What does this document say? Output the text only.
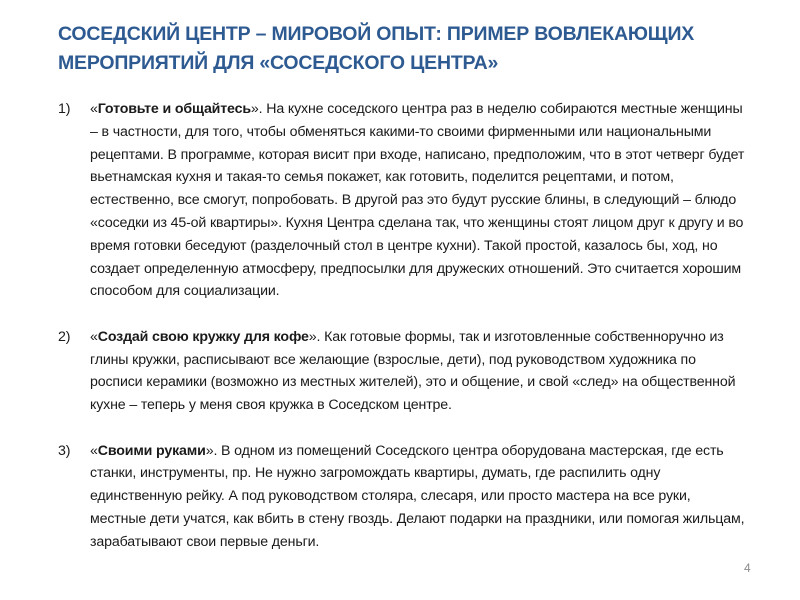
СОСЕДСКИЙ ЦЕНТР – МИРОВОЙ ОПЫТ: ПРИМЕР ВОВЛЕКАЮЩИХ
МЕРОПРИЯТИЙ ДЛЯ «СОСЕДСКОГО ЦЕНТРА»
1) «Готовьте и общайтесь». На кухне соседского центра раз в неделю собираются местные женщины – в частности, для того, чтобы обменяться какими-то своими фирменными или национальными рецептами. В программе, которая висит при входе, написано, предположим, что в этот четверг будет вьетнамская кухня и такая-то семья покажет, как готовить, поделится рецептами, и потом, естественно, все смогут, попробовать. В другой раз это будут русские блины, в следующий – блюдо «соседки из 45-ой квартиры». Кухня Центра сделана так, что женщины стоят лицом друг к другу и во время готовки беседуют (разделочный стол в центре кухни). Такой простой, казалось бы, ход, но создает определенную атмосферу, предпосылки для дружеских отношений. Это считается хорошим способом для социализации.
2) «Создай свою кружку для кофе». Как готовые формы, так и изготовленные собственноручно из глины кружки, расписывают все желающие (взрослые, дети), под руководством художника по росписи керамики (возможно из местных жителей), это и общение, и свой «след» на общественной кухне – теперь у меня своя кружка в Соседском центре.
3) «Своими руками». В одном из помещений Соседского центра оборудована мастерская, где есть станки, инструменты, пр. Не нужно загромождать квартиры, думать, где распилить одну единственную рейку. А под руководством столяра, слесаря, или просто мастера на все руки, местные дети учатся, как вбить в стену гвоздь. Делают подарки на праздники, или помогая жильцам, зарабатывают свои первые деньги.
4
